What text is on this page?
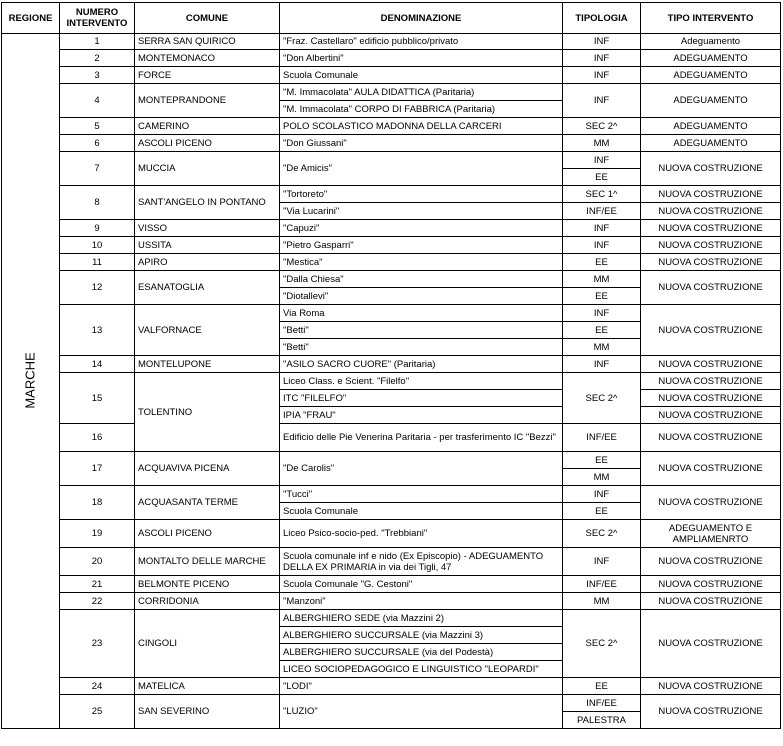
REGIONE	NUMERO INTERVENTO	COMUNE	DENOMINAZIONE	TIPOLOGIA	TIPO INTERVENTO
MARCHE	1	SERRA SAN QUIRICO	"Fraz. Castellaro" edificio pubblico/privato	INF	Adeguamento
	2	MONTEMONACO	"Don Albertini"	INF	ADEGUAMENTO
	3	FORCE	Scuola Comunale	INF	ADEGUAMENTO
	4	MONTEPRANDONE	"M. Immacolata" AULA DIDATTICA (Paritaria)	INF	ADEGUAMENTO
			"M. Immacolata" CORPO DI FABBRICA (Paritaria)		
	5	CAMERINO	POLO SCOLASTICO MADONNA DELLA CARCERI	SEC 2^	ADEGUAMENTO
	6	ASCOLI PICENO	"Don Giussani"	MM	ADEGUAMENTO
	7	MUCCIA	"De Amicis"	INF	NUOVA COSTRUZIONE
				EE	
	8	SANT'ANGELO IN PONTANO	"Tortoreto"	SEC 1^	NUOVA COSTRUZIONE
			"Via Lucarini"	INF/EE	NUOVA COSTRUZIONE
	9	VISSO	"Capuzi"	INF	NUOVA COSTRUZIONE
	10	USSITA	"Pietro Gasparri"	INF	NUOVA COSTRUZIONE
	11	APIRO	"Mestica"	EE	NUOVA COSTRUZIONE
	12	ESANATOGLIA	"Dalla Chiesa"	MM	NUOVA COSTRUZIONE
			"Diotallevi"	EE	
	13	VALFORNACE	Via Roma	INF	NUOVA COSTRUZIONE
			"Betti"	EE	
			"Betti"	MM	
	14	MONTELUPONE	"ASILO SACRO CUORE" (Paritaria)	INF	NUOVA COSTRUZIONE
	15	TOLENTINO	Liceo Class. e Scient. "Filelfo"	SEC 2^	NUOVA COSTRUZIONE
			ITC "FILELFO"		NUOVA COSTRUZIONE
			IPIA "FRAU"		NUOVA COSTRUZIONE
	16		Edificio delle Pie Venerina Paritaria - per trasferimento IC "Bezzi"	INF/EE	NUOVA COSTRUZIONE
	17	ACQUAVIVA PICENA	"De Carolis"	EE	NUOVA COSTRUZIONE
				MM	
	18	ACQUASANTA TERME	"Tucci"	INF	NUOVA COSTRUZIONE
			Scuola Comunale	EE	
	19	ASCOLI PICENO	Liceo Psico-socio-ped. "Trebbiani"	SEC 2^	ADEGUAMENTO E AMPLIAMENRTO
	20	MONTALTO DELLE MARCHE	Scuola comunale inf e nido (Ex Episcopio) - ADEGUAMENTO DELLA EX PRIMARIA in via dei Tigli, 47	INF	NUOVA COSTRUZIONE
	21	BELMONTE PICENO	Scuola Comunale "G. Cestoni"	INF/EE	NUOVA COSTRUZIONE
	22	CORRIDONIA	"Manzoni"	MM	NUOVA COSTRUZIONE
	23	CINGOLI	ALBERGHIERO SEDE (via Mazzini 2)	SEC 2^	NUOVA COSTRUZIONE
			ALBERGHIERO SUCCURSALE (via Mazzini 3)		
			ALBERGHIERO SUCCURSALE (via del Podestà)		
			LICEO SOCIOPEDAGOGICO E LINGUISTICO "LEOPARDI"		
	24	MATELICA	"LODI"	EE	NUOVA COSTRUZIONE
	25	SAN SEVERINO	"LUZIO"	INF/EE	NUOVA COSTRUZIONE
				PALESTRA	
